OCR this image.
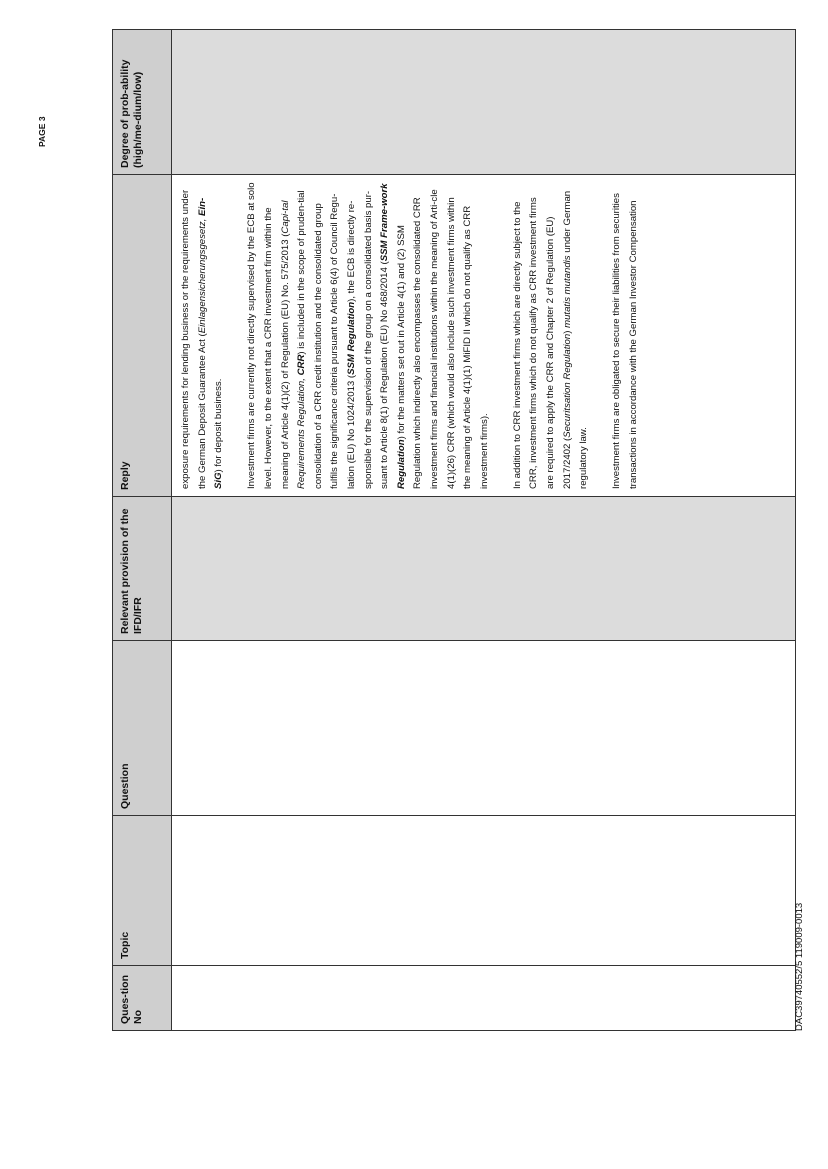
PAGE 3
Ques-tion No	Topic	Question	Relevant provision of the IFD/IFR	Reply	Degree of prob-ability (high/me-dium/low)

				exposure requirements for lending business or the requirements under the German Deposit Guarantee Act (Einlagensicherungsgesetz, Ein-SiG) for deposit business. Investment firms are currently not directly supervised by the ECB at solo level. However, to the extent that a CRR investment firm within the meaning of Article 4(1)(2) of Regulation (EU) No. 575/2013 (Capi-tal Requirements Regulation, CRR) is included in the scope of pruden-tial consolidation of a CRR credit institution and the consolidated group fulfils the significance criteria pursuant to Article 6(4) of Council Regu-lation (EU) No 1024/2013 (SSM Regulation), the ECB is directly re-sponsible for the supervision of the group on a consolidated basis pur-suant to Article 8(1) of Regulation (EU) No 468/2014 (SSM Frame-work Regulation) for the matters set out in Article 4(1) and (2) SSM Regulation which indirectly also encompasses the consolidated CRR investment firms and financial institutions within the meaning of Arti-cle 4(1)(26) CRR (which would also include such investment firms within the meaning of Article 4(1)(1) MiFID II which do not qualify as CRR investment firms). In addition to CRR investment firms which are directly subject to the CRR, investment firms which do not qualify as CRR investment firms are required to apply the CRR and Chapter 2 of Regulation (EU) 2017/2402 (Securitsation Regulation) mutatis mutandis under German regulatory law. Investment firms are obligated to secure their liabilities from securities transactions in accordance with the German Investor Compensation	

DAC39740552/5 119009-0013
